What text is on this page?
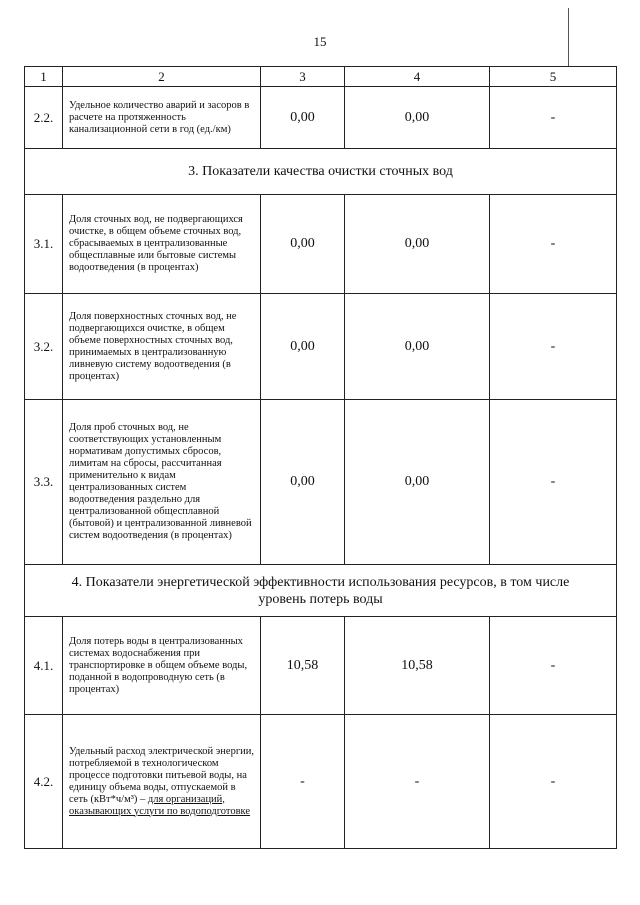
15
1	2	3	4	5
2.2.	Удельное количество аварий и засоров в расчете на протяженность канализационной сети в год (ед./км)	0,00	0,00	-
3. Показатели качества очистки сточных вод				
3.1.	Доля сточных вод, не подвергающихся очистке, в общем объеме сточных вод, сбрасываемых в централизованные общесплавные или бытовые системы водоотведения (в процентах)	0,00	0,00	-
3.2.	Доля поверхностных сточных вод, не подвергающихся очистке, в общем объеме поверхностных сточных вод, принимаемых в централизованную ливневую систему водоотведения (в процентах)	0,00	0,00	-
3.3.	Доля проб сточных вод, не соответствующих установленным нормативам допустимых сбросов, лимитам на сбросы, рассчитанная применительно к видам централизованных систем водоотведения раздельно для централизованной общесплавной (бытовой) и централизованной ливневой систем водоотведения (в процентах)	0,00	0,00	-
4. Показатели энергетической эффективности использования ресурсов, в том числе уровень потерь воды				
4.1.	Доля потерь воды в централизованных системах водоснабжения при транспортировке в общем объеме воды, поданной в водопроводную сеть (в процентах)	10,58	10,58	-
4.2.	Удельный расход электрической энергии, потребляемой в технологическом процессе подготовки питьевой воды, на единицу объема воды, отпускаемой в сеть (кВт*ч/м³) – для организаций, оказывающих услуги по водоподготовке	-	-	-
